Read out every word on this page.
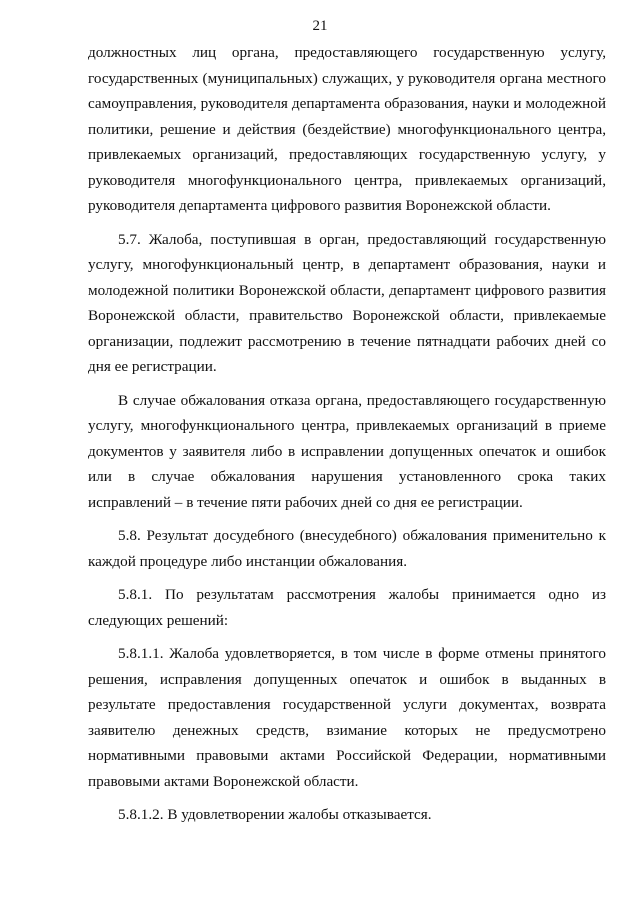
21

должностных лиц органа, предоставляющего государственную услугу, государственных (муниципальных) служащих, у руководителя органа местного самоуправления, руководителя департамента образования, науки и молодежной политики, решение и действия (бездействие) многофункционального центра, привлекаемых организаций, предоставляющих государственную услугу, у руководителя многофункционального центра, привлекаемых организаций, руководителя департамента цифрового развития Воронежской области.

5.7. Жалоба, поступившая в орган, предоставляющий государственную услугу, многофункциональный центр, в департамент образования, науки и молодежной политики Воронежской области, департамент цифрового развития Воронежской области, правительство Воронежской области, привлекаемые организации, подлежит рассмотрению в течение пятнадцати рабочих дней со дня ее регистрации.

В случае обжалования отказа органа, предоставляющего государственную услугу, многофункционального центра, привлекаемых организаций в приеме документов у заявителя либо в исправлении допущенных опечаток и ошибок или в случае обжалования нарушения установленного срока таких исправлений – в течение пяти рабочих дней со дня ее регистрации.

5.8. Результат досудебного (внесудебного) обжалования применительно к каждой процедуре либо инстанции обжалования.

5.8.1. По результатам рассмотрения жалобы принимается одно из следующих решений:

5.8.1.1. Жалоба удовлетворяется, в том числе в форме отмены принятого решения, исправления допущенных опечаток и ошибок в выданных в результате предоставления государственной услуги документах, возврата заявителю денежных средств, взимание которых не предусмотрено нормативными правовыми актами Российской Федерации, нормативными правовыми актами Воронежской области.

5.8.1.2. В удовлетворении жалобы отказывается.
